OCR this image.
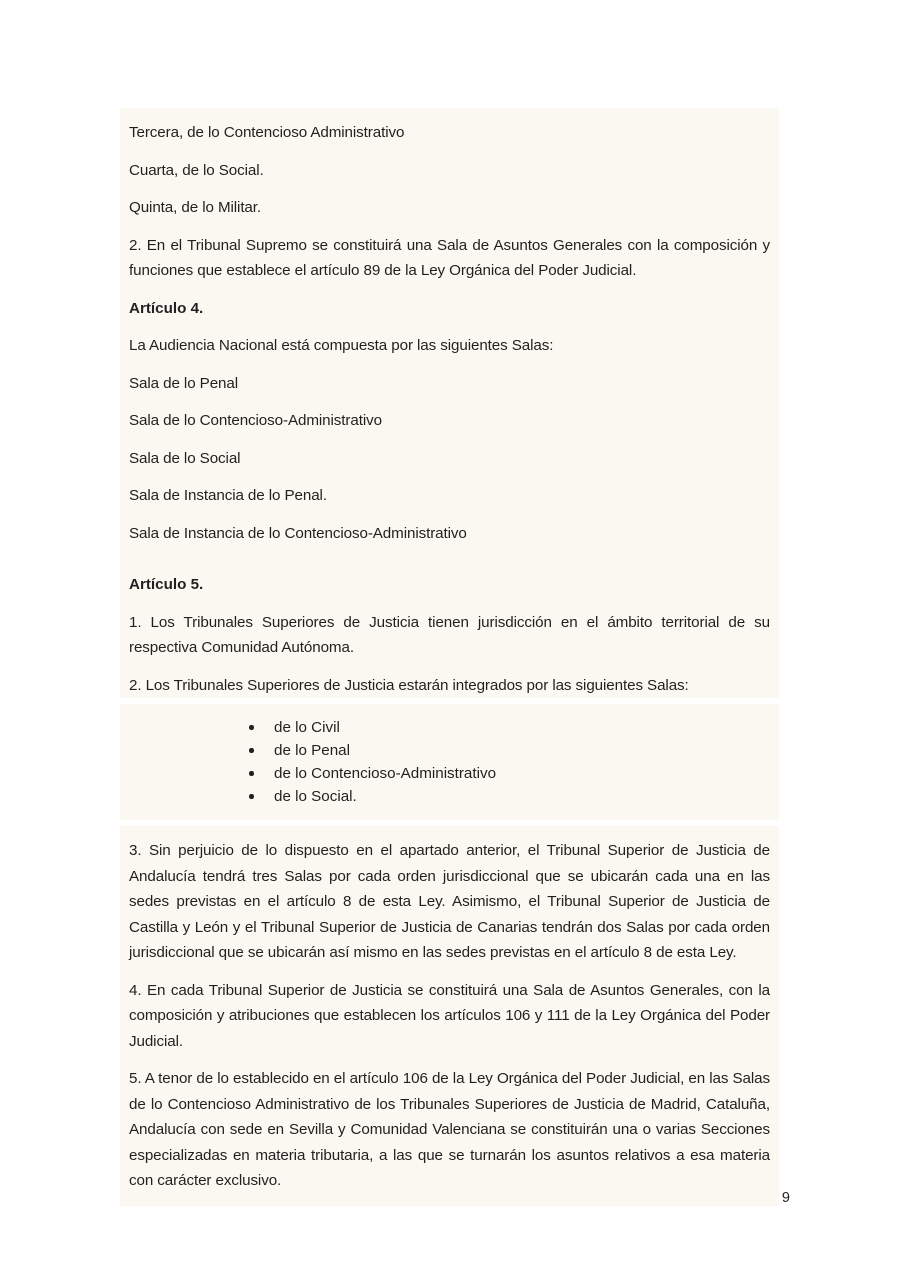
Tercera, de lo Contencioso Administrativo

Cuarta, de lo Social.

Quinta, de lo Militar.

2. En el Tribunal Supremo se constituirá una Sala de Asuntos Generales con la composición y funciones que establece el artículo 89 de la Ley Orgánica del Poder Judicial.

Artículo 4.

La Audiencia Nacional está compuesta por las siguientes Salas:

Sala de lo Penal

Sala de lo Contencioso-Administrativo

Sala de lo Social

Sala de Instancia de lo Penal.

Sala de Instancia de lo Contencioso-Administrativo

Artículo 5.

1. Los Tribunales Superiores de Justicia tienen jurisdicción en el ámbito territorial de su respectiva Comunidad Autónoma.

2. Los Tribunales Superiores de Justicia estarán integrados por las siguientes Salas:

de lo Civil
de lo Penal
de lo Contencioso-Administrativo
de lo Social.

3. Sin perjuicio de lo dispuesto en el apartado anterior, el Tribunal Superior de Justicia de Andalucía tendrá tres Salas por cada orden jurisdiccional que se ubicarán cada una en las sedes previstas en el artículo 8 de esta Ley. Asimismo, el Tribunal Superior de Justicia de Castilla y León y el Tribunal Superior de Justicia de Canarias tendrán dos Salas por cada orden jurisdiccional que se ubicarán así mismo en las sedes previstas en el artículo 8 de esta Ley.

4. En cada Tribunal Superior de Justicia se constituirá una Sala de Asuntos Generales, con la composición y atribuciones que establecen los artículos 106 y 111 de la Ley Orgánica del Poder Judicial.

5. A tenor de lo establecido en el artículo 106 de la Ley Orgánica del Poder Judicial, en las Salas de lo Contencioso Administrativo de los Tribunales Superiores de Justicia de Madrid, Cataluña, Andalucía con sede en Sevilla y Comunidad Valenciana se constituirán una o varias Secciones especializadas en materia tributaria, a las que se turnarán los asuntos relativos a esa materia con carácter exclusivo.

9
